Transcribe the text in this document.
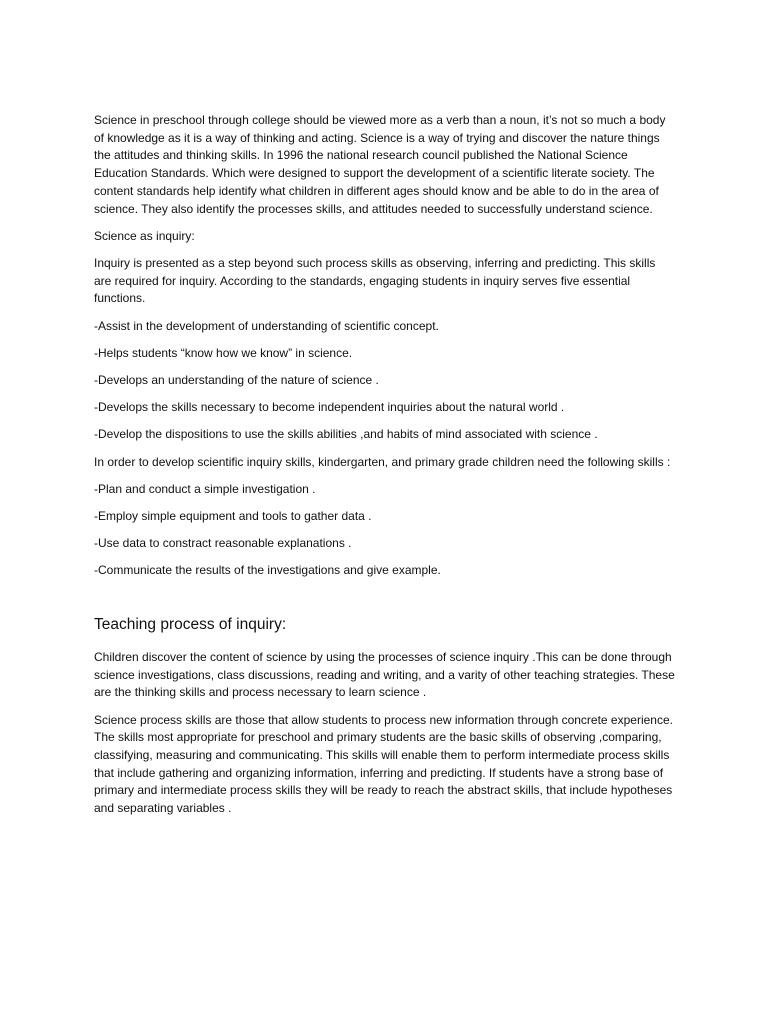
Science in preschool through college should be viewed more as a verb than a noun, it’s not so much a body of knowledge as it is a way of thinking and acting. Science is a way of trying and discover the nature things the attitudes and thinking skills. In 1996 the national research council published the National Science Education Standards. Which were designed to support the development of a scientific literate society. The content standards help identify what children in different ages should know and be able to do in the area of science. They also identify the processes skills, and attitudes needed to successfully understand science.

Science as inquiry:

Inquiry is presented as a step beyond such process skills as observing, inferring and predicting. This skills are required for inquiry. According to the standards, engaging students in inquiry serves five essential functions.

-Assist in the development of understanding of scientific concept.

-Helps students “know how we know” in science.

-Develops an understanding of the nature of science .

-Develops the skills necessary to become independent inquiries about the natural world .

-Develop the dispositions to use the skills abilities ,and habits of mind associated with science .

In order to develop scientific inquiry skills, kindergarten, and primary grade children need the following skills :

-Plan and conduct a simple investigation .

-Employ simple equipment and tools to gather data .

-Use data to constract reasonable explanations .

-Communicate the results of the investigations and give example.

Teaching process of inquiry:

Children discover the content of science by using the processes of science inquiry .This can be done through science investigations, class discussions, reading and writing, and a varity of other teaching strategies. These are the thinking skills and process necessary to learn science .

Science process skills are those that allow students to process new information through concrete experience. The skills most appropriate for preschool and primary students are the basic skills of observing ,comparing, classifying, measuring and communicating. This skills will enable them to perform intermediate process skills that include gathering and organizing information, inferring and predicting. If students have a strong base of primary and intermediate process skills they will be ready to reach the abstract skills, that include hypotheses and separating variables .
